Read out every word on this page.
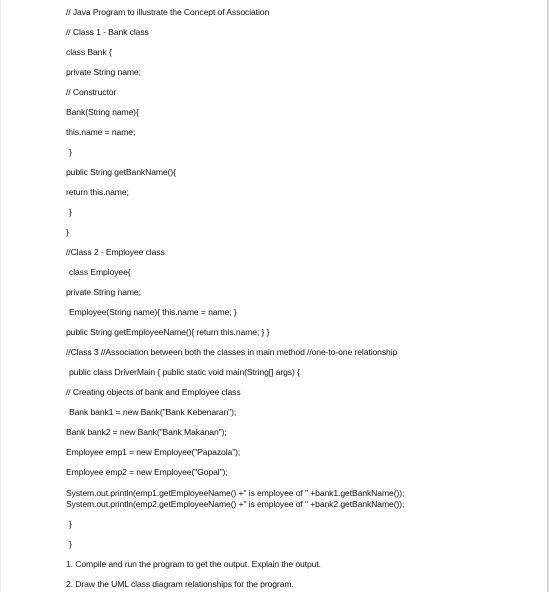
// Java Program to illustrate the Concept of Association
// Class 1 - Bank class
class Bank {
private String name;
// Constructor
Bank(String name){
this.name = name;
}
public String getBankName(){
return this.name;
}
}
//Class 2 - Employee class
class Employee{
private String name;
Employee(String name){ this.name = name; }
public String getEmployeeName(){ return this.name; } }
//Class 3 //Association between both the classes in main method //one-to-one relationship
public class DriverMain { public static void main(String[] args) {
// Creating objects of bank and Employee class
Bank bank1 = new Bank("Bank Kebenaran");
Bank bank2 = new Bank("Bank Makanan");
Employee emp1 = new Employee("Papazola");
Employee emp2 = new Employee("Gopal");
System.out.println(emp1.getEmployeeName() +" is employee of " +bank1.getBankName());
System.out.println(emp2.getEmployeeName() +" is employee of " +bank2.getBankName());
}
}
1. Compile and run the program to get the output. Explain the output.
2. Draw the UML class diagram relationships for the program.
